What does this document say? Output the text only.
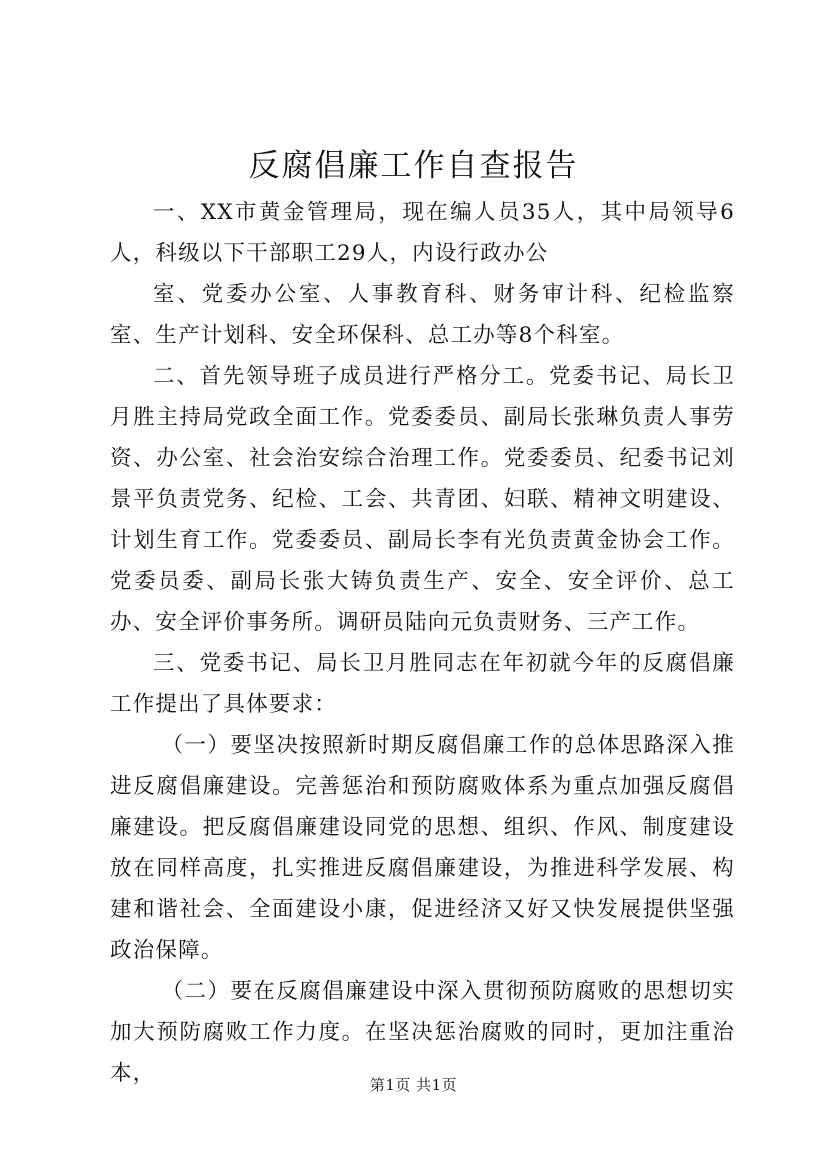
反腐倡廉工作自查报告

一、XX市黄金管理局，现在编人员35人，其中局领导6人，科级以下干部职工29人，内设行政办公

室、党委办公室、人事教育科、财务审计科、纪检监察室、生产计划科、安全环保科、总工办等8个科室。

二、首先领导班子成员进行严格分工。党委书记、局长卫月胜主持局党政全面工作。党委委员、副局长张琳负责人事劳资、办公室、社会治安综合治理工作。党委委员、纪委书记刘景平负责党务、纪检、工会、共青团、妇联、精神文明建设、计划生育工作。党委委员、副局长李有光负责黄金协会工作。党委员委、副局长张大铸负责生产、安全、安全评价、总工办、安全评价事务所。调研员陆向元负责财务、三产工作。

三、党委书记、局长卫月胜同志在年初就今年的反腐倡廉工作提出了具体要求：

（一）要坚决按照新时期反腐倡廉工作的总体思路深入推进反腐倡廉建设。完善惩治和预防腐败体系为重点加强反腐倡廉建设。把反腐倡廉建设同党的思想、组织、作风、制度建设放在同样高度，扎实推进反腐倡廉建设，为推进科学发展、构建和谐社会、全面建设小康，促进经济又好又快发展提供坚强政治保障。

（二）要在反腐倡廉建设中深入贯彻预防腐败的思想切实加大预防腐败工作力度。在坚决惩治腐败的同时，更加注重治本，	第1页 共1页
